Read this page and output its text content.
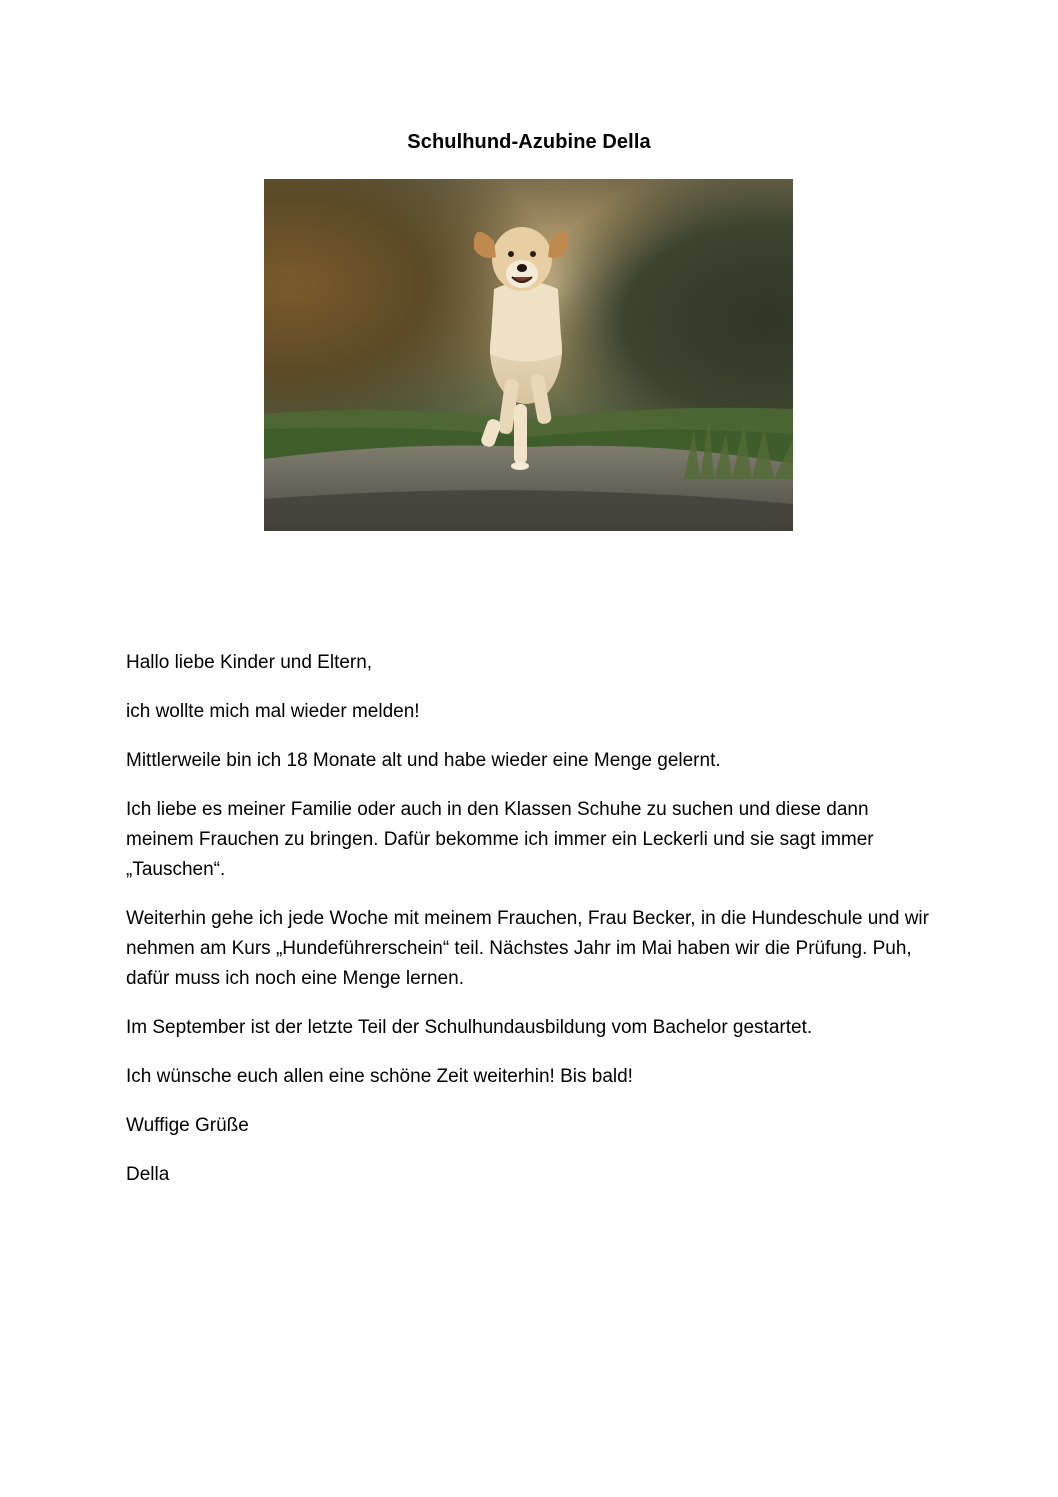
Schulhund-Azubine Della

Hallo liebe Kinder und Eltern,

ich wollte mich mal wieder melden!

Mittlerweile bin ich 18 Monate alt und habe wieder eine Menge gelernt.

Ich liebe es meiner Familie oder auch in den Klassen Schuhe zu suchen und diese dann meinem Frauchen zu bringen. Dafür bekomme ich immer ein Leckerli und sie sagt immer „Tauschen“.

Weiterhin gehe ich jede Woche mit meinem Frauchen, Frau Becker, in die Hundeschule und wir nehmen am Kurs „Hundeführerschein“ teil. Nächstes Jahr im Mai haben wir die Prüfung. Puh, dafür muss ich noch eine Menge lernen.

Im September ist der letzte Teil der Schulhundausbildung vom Bachelor gestartet.

Ich wünsche euch allen eine schöne Zeit weiterhin! Bis bald!

Wuffige Grüße

Della
